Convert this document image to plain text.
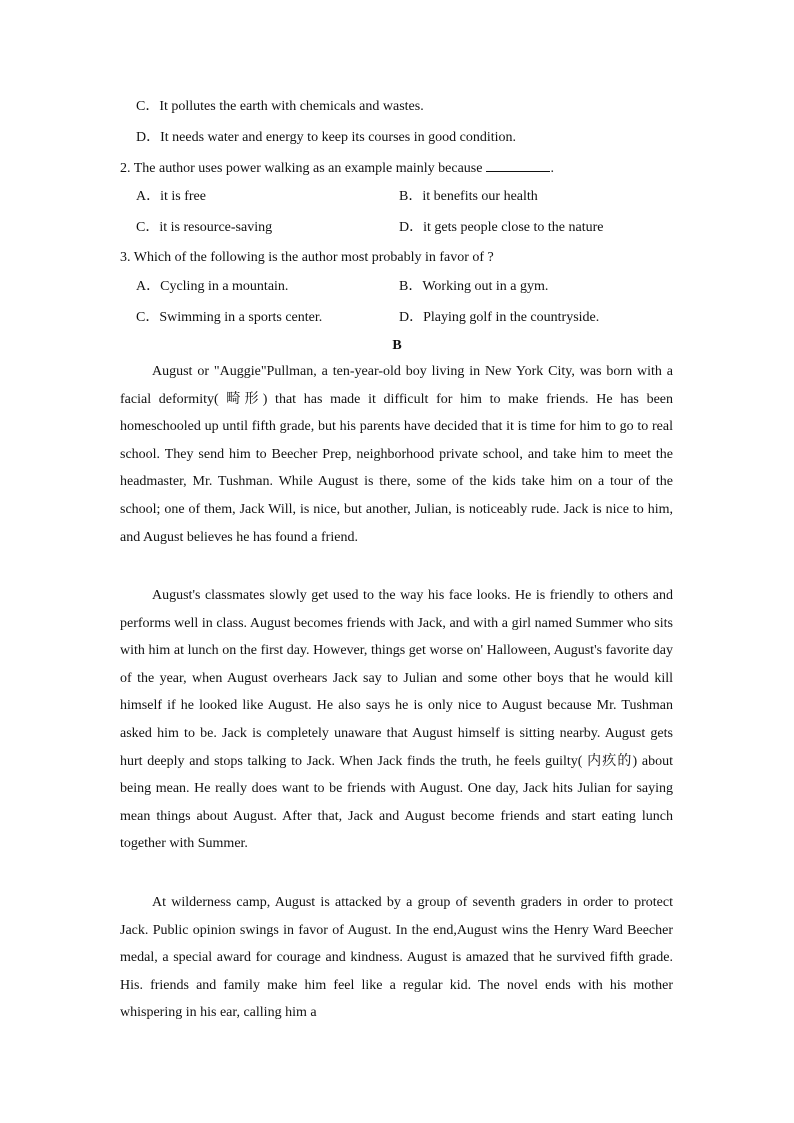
C．It pollutes the earth with chemicals and wastes.
D．It needs water and energy to keep its courses in good condition.
2. The author uses power walking as an example mainly because	.
A．it is free	B．it benefits our health
C．it is resource-saving	D．it gets people close to the nature
3. Which of the following is the author most probably in favor of ?
A．Cycling in a mountain.	B．Working out in a gym.
C．Swimming in a sports center.	D．Playing golf in the countryside.
B

August or "Auggie"Pullman, a ten-year-old boy living in New York City, was born with a facial deformity( 畸形) that has made it difficult for him to make friends. He has been homeschooled up until fifth grade, but his parents have decided that it is time for him to go to real school. They send him to Beecher Prep, neighborhood private school, and take him to meet the headmaster, Mr. Tushman. While August is there, some of the kids take him on a tour of the school; one of them, Jack Will, is nice, but another, Julian, is noticeably rude. Jack is nice to him, and August believes he has found a friend.

August's classmates slowly get used to the way his face looks. He is friendly to others and performs well in class. August becomes friends with Jack, and with a girl named Summer who sits with him at lunch on the first day. However, things get worse on' Halloween, August's favorite day of the year, when August overhears Jack say to Julian and some other boys that he would kill himself if he looked like August. He also says he is only nice to August because Mr. Tushman asked him to be. Jack is completely unaware that August himself is sitting nearby. August gets hurt deeply and stops talking to Jack. When Jack finds the truth, he feels guilty( 内疚的) about being mean. He really does want to be friends with August. One day, Jack hits Julian for saying mean things about August. After that, Jack and August become friends and start eating lunch together with Summer.

At wilderness camp, August is attacked by a group of seventh graders in order to protect Jack. Public opinion swings in favor of August. In the end,August wins the Henry Ward Beecher medal, a special award for courage and kindness. August is amazed that he survived fifth grade. His. friends and family make him feel like a regular kid. The novel ends with his mother whispering in his ear, calling him a
